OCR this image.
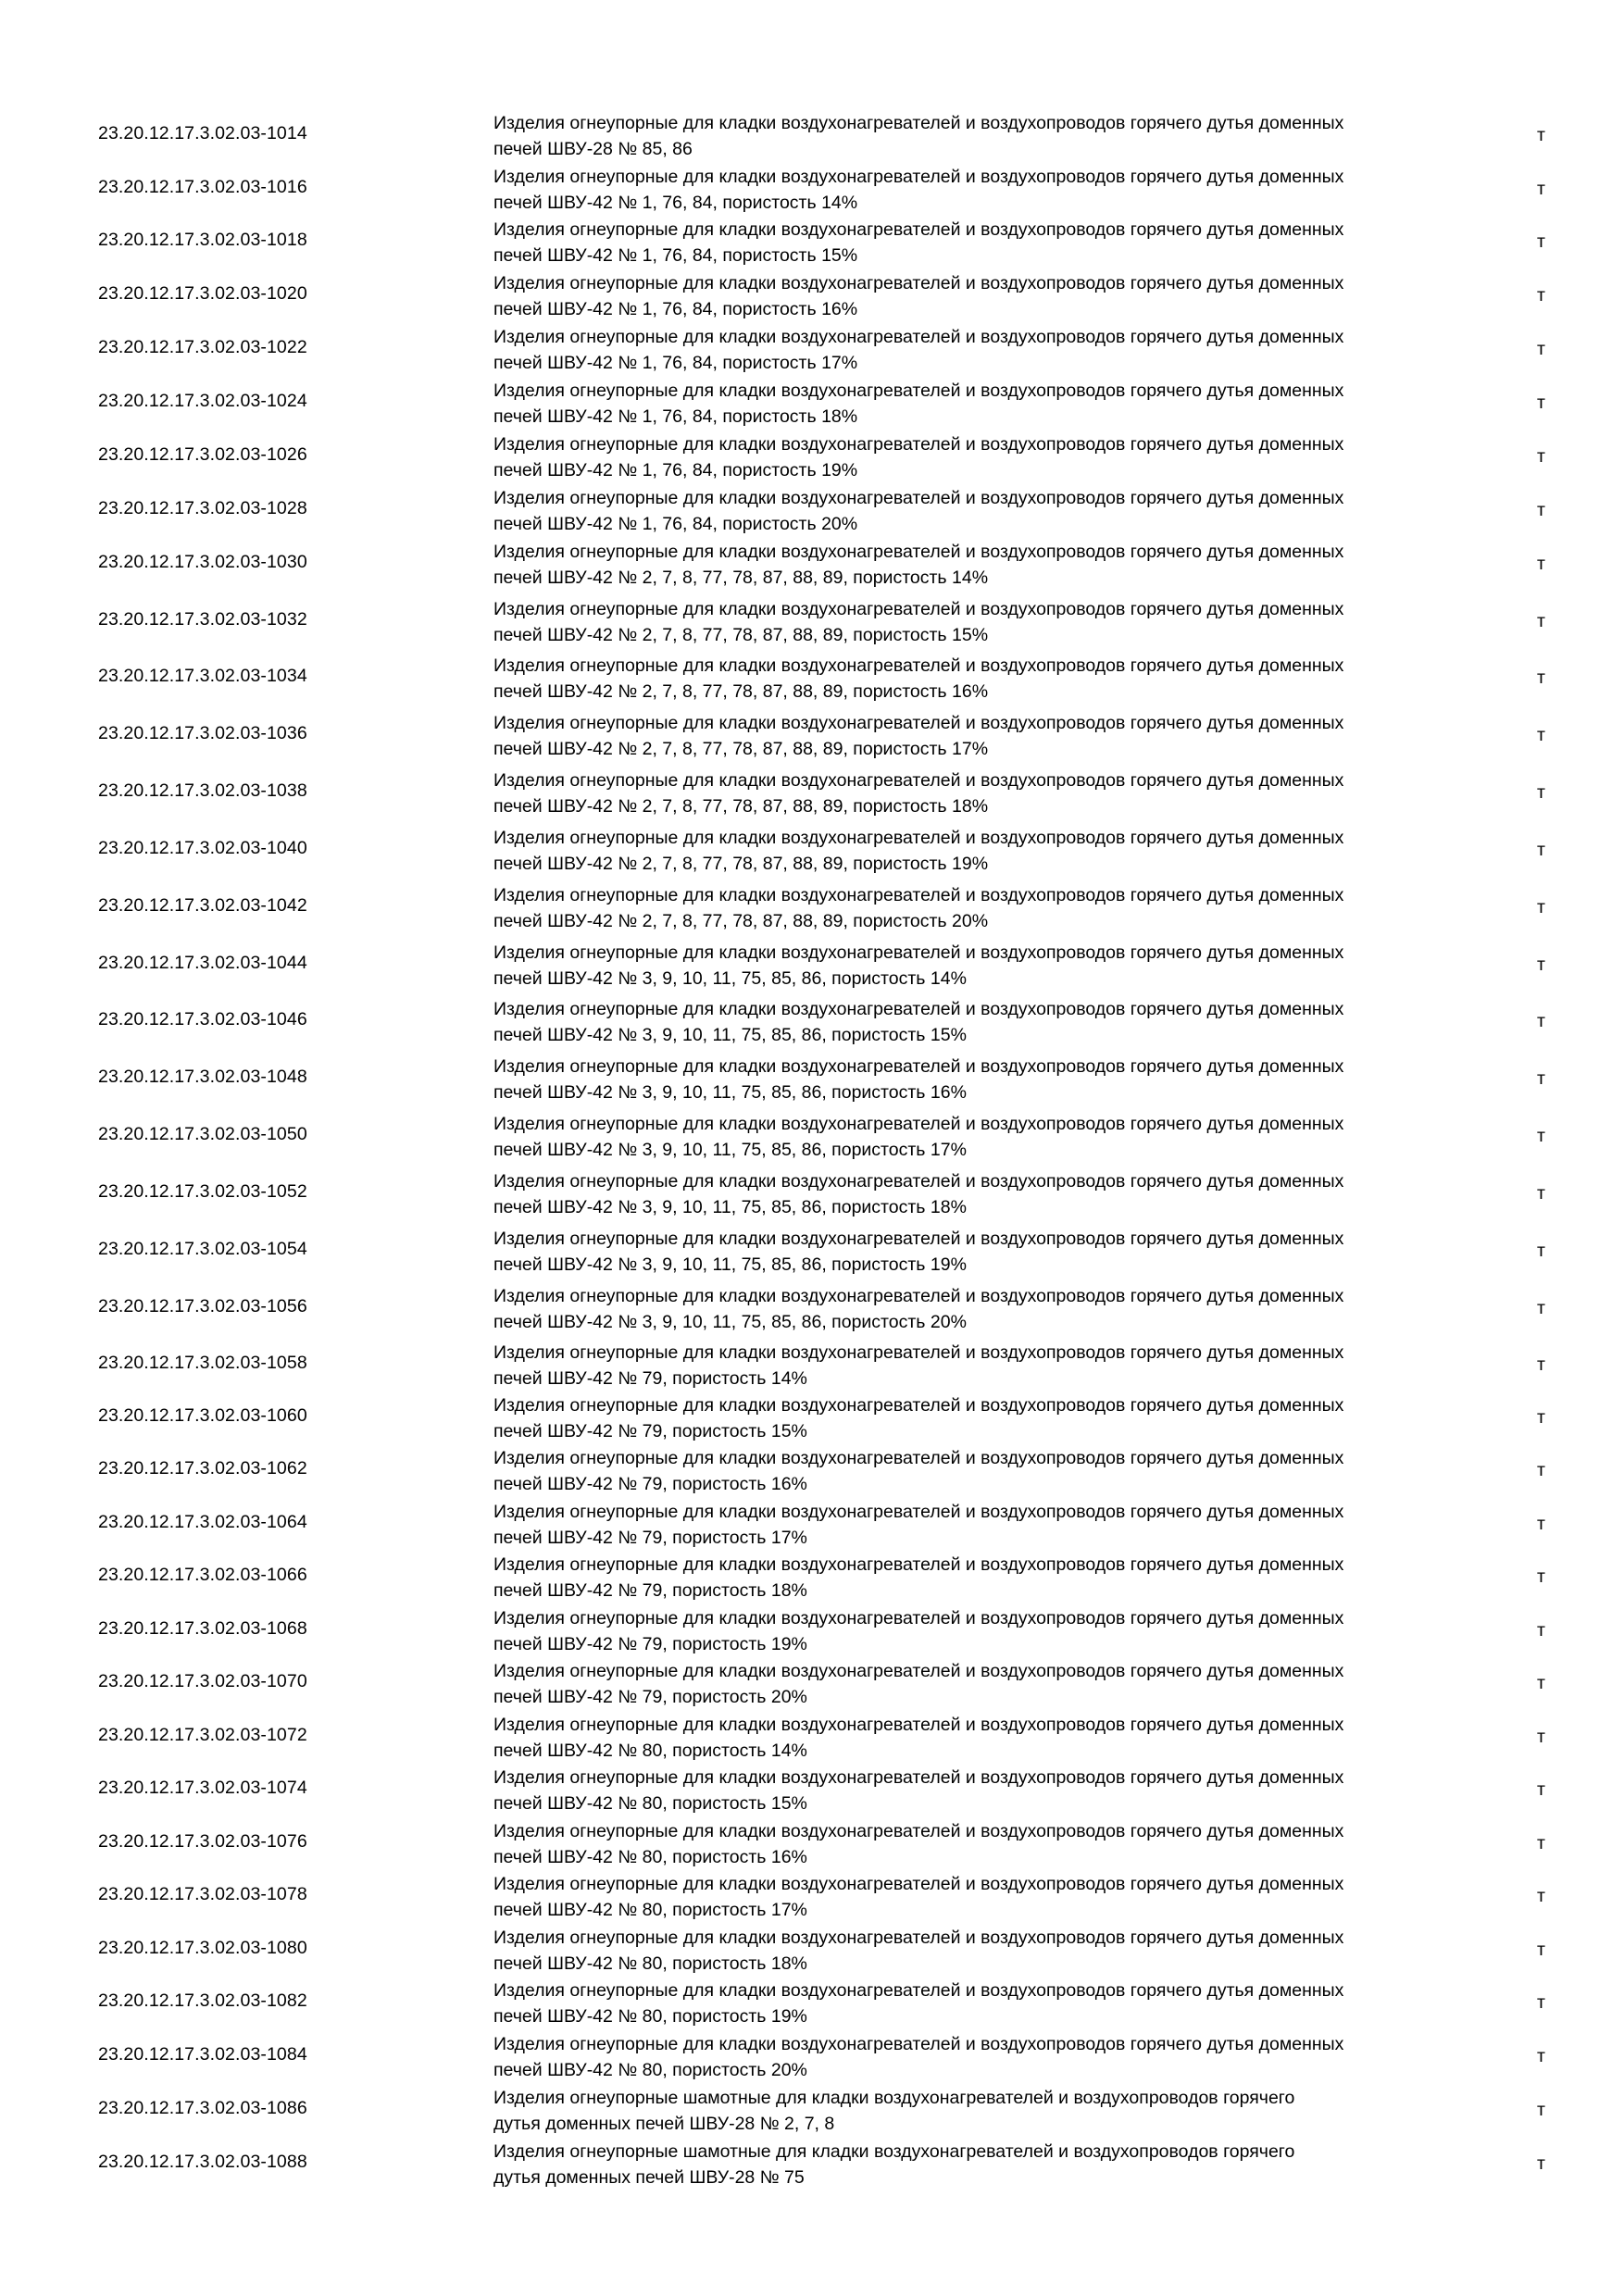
23.20.12.17.3.02.03-1014	Изделия огнеупорные для кладки воздухонагревателей и воздухопроводов горячего дутья доменных
печей ШВУ-28 № 85, 86
т
23.20.12.17.3.02.03-1016	Изделия огнеупорные для кладки воздухонагревателей и воздухопроводов горячего дутья доменных
печей ШВУ-42 № 1, 76, 84, пористость 14%
т
23.20.12.17.3.02.03-1018	Изделия огнеупорные для кладки воздухонагревателей и воздухопроводов горячего дутья доменных
печей ШВУ-42 № 1, 76, 84, пористость 15%
т
23.20.12.17.3.02.03-1020	Изделия огнеупорные для кладки воздухонагревателей и воздухопроводов горячего дутья доменных
печей ШВУ-42 № 1, 76, 84, пористость 16%
т
23.20.12.17.3.02.03-1022	Изделия огнеупорные для кладки воздухонагревателей и воздухопроводов горячего дутья доменных
печей ШВУ-42 № 1, 76, 84, пористость 17%
т
23.20.12.17.3.02.03-1024	Изделия огнеупорные для кладки воздухонагревателей и воздухопроводов горячего дутья доменных
печей ШВУ-42 № 1, 76, 84, пористость 18%
т
23.20.12.17.3.02.03-1026	Изделия огнеупорные для кладки воздухонагревателей и воздухопроводов горячего дутья доменных
печей ШВУ-42 № 1, 76, 84, пористость 19%
т
23.20.12.17.3.02.03-1028	Изделия огнеупорные для кладки воздухонагревателей и воздухопроводов горячего дутья доменных
печей ШВУ-42 № 1, 76, 84, пористость 20%
т
23.20.12.17.3.02.03-1030	Изделия огнеупорные для кладки воздухонагревателей и воздухопроводов горячего дутья доменных
печей ШВУ-42 № 2, 7, 8, 77, 78, 87, 88, 89, пористость 14%
т
23.20.12.17.3.02.03-1032	Изделия огнеупорные для кладки воздухонагревателей и воздухопроводов горячего дутья доменных
печей ШВУ-42 № 2, 7, 8, 77, 78, 87, 88, 89, пористость 15%
т
23.20.12.17.3.02.03-1034	Изделия огнеупорные для кладки воздухонагревателей и воздухопроводов горячего дутья доменных
печей ШВУ-42 № 2, 7, 8, 77, 78, 87, 88, 89, пористость 16%
т
23.20.12.17.3.02.03-1036	Изделия огнеупорные для кладки воздухонагревателей и воздухопроводов горячего дутья доменных
печей ШВУ-42 № 2, 7, 8, 77, 78, 87, 88, 89, пористость 17%
т
23.20.12.17.3.02.03-1038	Изделия огнеупорные для кладки воздухонагревателей и воздухопроводов горячего дутья доменных
печей ШВУ-42 № 2, 7, 8, 77, 78, 87, 88, 89, пористость 18%
т
23.20.12.17.3.02.03-1040	Изделия огнеупорные для кладки воздухонагревателей и воздухопроводов горячего дутья доменных
печей ШВУ-42 № 2, 7, 8, 77, 78, 87, 88, 89, пористость 19%
т
23.20.12.17.3.02.03-1042	Изделия огнеупорные для кладки воздухонагревателей и воздухопроводов горячего дутья доменных
печей ШВУ-42 № 2, 7, 8, 77, 78, 87, 88, 89, пористость 20%
т
23.20.12.17.3.02.03-1044	Изделия огнеупорные для кладки воздухонагревателей и воздухопроводов горячего дутья доменных
печей ШВУ-42 № 3, 9, 10, 11, 75, 85, 86, пористость 14%
т
23.20.12.17.3.02.03-1046	Изделия огнеупорные для кладки воздухонагревателей и воздухопроводов горячего дутья доменных
печей ШВУ-42 № 3, 9, 10, 11, 75, 85, 86, пористость 15%
т
23.20.12.17.3.02.03-1048	Изделия огнеупорные для кладки воздухонагревателей и воздухопроводов горячего дутья доменных
печей ШВУ-42 № 3, 9, 10, 11, 75, 85, 86, пористость 16%
т
23.20.12.17.3.02.03-1050	Изделия огнеупорные для кладки воздухонагревателей и воздухопроводов горячего дутья доменных
печей ШВУ-42 № 3, 9, 10, 11, 75, 85, 86, пористость 17%
т
23.20.12.17.3.02.03-1052	Изделия огнеупорные для кладки воздухонагревателей и воздухопроводов горячего дутья доменных
печей ШВУ-42 № 3, 9, 10, 11, 75, 85, 86, пористость 18%
т
23.20.12.17.3.02.03-1054	Изделия огнеупорные для кладки воздухонагревателей и воздухопроводов горячего дутья доменных
печей ШВУ-42 № 3, 9, 10, 11, 75, 85, 86, пористость 19%
т
23.20.12.17.3.02.03-1056	Изделия огнеупорные для кладки воздухонагревателей и воздухопроводов горячего дутья доменных
печей ШВУ-42 № 3, 9, 10, 11, 75, 85, 86, пористость 20%
т
23.20.12.17.3.02.03-1058	Изделия огнеупорные для кладки воздухонагревателей и воздухопроводов горячего дутья доменных
печей ШВУ-42 № 79, пористость 14%
т
23.20.12.17.3.02.03-1060	Изделия огнеупорные для кладки воздухонагревателей и воздухопроводов горячего дутья доменных
печей ШВУ-42 № 79, пористость 15%
т
23.20.12.17.3.02.03-1062	Изделия огнеупорные для кладки воздухонагревателей и воздухопроводов горячего дутья доменных
печей ШВУ-42 № 79, пористость 16%
т
23.20.12.17.3.02.03-1064	Изделия огнеупорные для кладки воздухонагревателей и воздухопроводов горячего дутья доменных
печей ШВУ-42 № 79, пористость 17%
т
23.20.12.17.3.02.03-1066	Изделия огнеупорные для кладки воздухонагревателей и воздухопроводов горячего дутья доменных
печей ШВУ-42 № 79, пористость 18%
т
23.20.12.17.3.02.03-1068	Изделия огнеупорные для кладки воздухонагревателей и воздухопроводов горячего дутья доменных
печей ШВУ-42 № 79, пористость 19%
т
23.20.12.17.3.02.03-1070	Изделия огнеупорные для кладки воздухонагревателей и воздухопроводов горячего дутья доменных
печей ШВУ-42 № 79, пористость 20%
т
23.20.12.17.3.02.03-1072	Изделия огнеупорные для кладки воздухонагревателей и воздухопроводов горячего дутья доменных
печей ШВУ-42 № 80, пористость 14%
т
23.20.12.17.3.02.03-1074	Изделия огнеупорные для кладки воздухонагревателей и воздухопроводов горячего дутья доменных
печей ШВУ-42 № 80, пористость 15%
т
23.20.12.17.3.02.03-1076	Изделия огнеупорные для кладки воздухонагревателей и воздухопроводов горячего дутья доменных
печей ШВУ-42 № 80, пористость 16%
т
23.20.12.17.3.02.03-1078	Изделия огнеупорные для кладки воздухонагревателей и воздухопроводов горячего дутья доменных
печей ШВУ-42 № 80, пористость 17%
т
23.20.12.17.3.02.03-1080	Изделия огнеупорные для кладки воздухонагревателей и воздухопроводов горячего дутья доменных
печей ШВУ-42 № 80, пористость 18%
т
23.20.12.17.3.02.03-1082	Изделия огнеупорные для кладки воздухонагревателей и воздухопроводов горячего дутья доменных
печей ШВУ-42 № 80, пористость 19%
т
23.20.12.17.3.02.03-1084	Изделия огнеупорные для кладки воздухонагревателей и воздухопроводов горячего дутья доменных
печей ШВУ-42 № 80, пористость 20%
т
23.20.12.17.3.02.03-1086	Изделия огнеупорные шамотные для кладки воздухонагревателей и воздухопроводов горячего
дутья доменных печей ШВУ-28 № 2, 7, 8
т
23.20.12.17.3.02.03-1088	Изделия огнеупорные шамотные для кладки воздухонагревателей и воздухопроводов горячего
дутья доменных печей ШВУ-28 № 75
т
